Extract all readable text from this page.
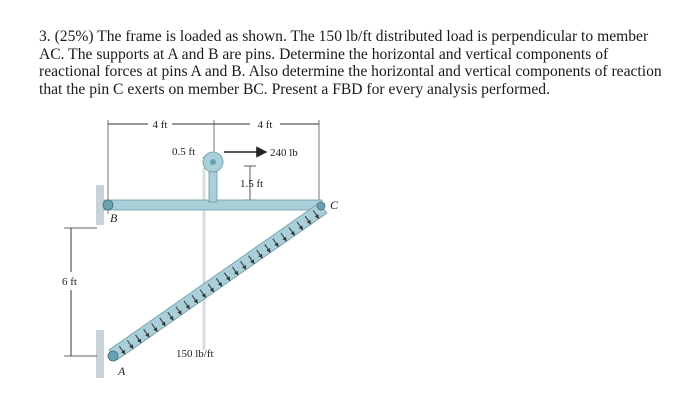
3. (25%) The frame is loaded as shown. The 150 lb/ft distributed load is perpendicular to member

AC. The supports at A and B are pins. Determine the horizontal and vertical components of

reactional forces at pins A and B. Also determine the horizontal and vertical components of reaction

that the pin C exerts on member BC. Present a FBD for every analysis performed.

4 ft	4 ft
0.5 ft	240 lb
1.5 ft
150 lb/ft
B
A
C
6 ft
